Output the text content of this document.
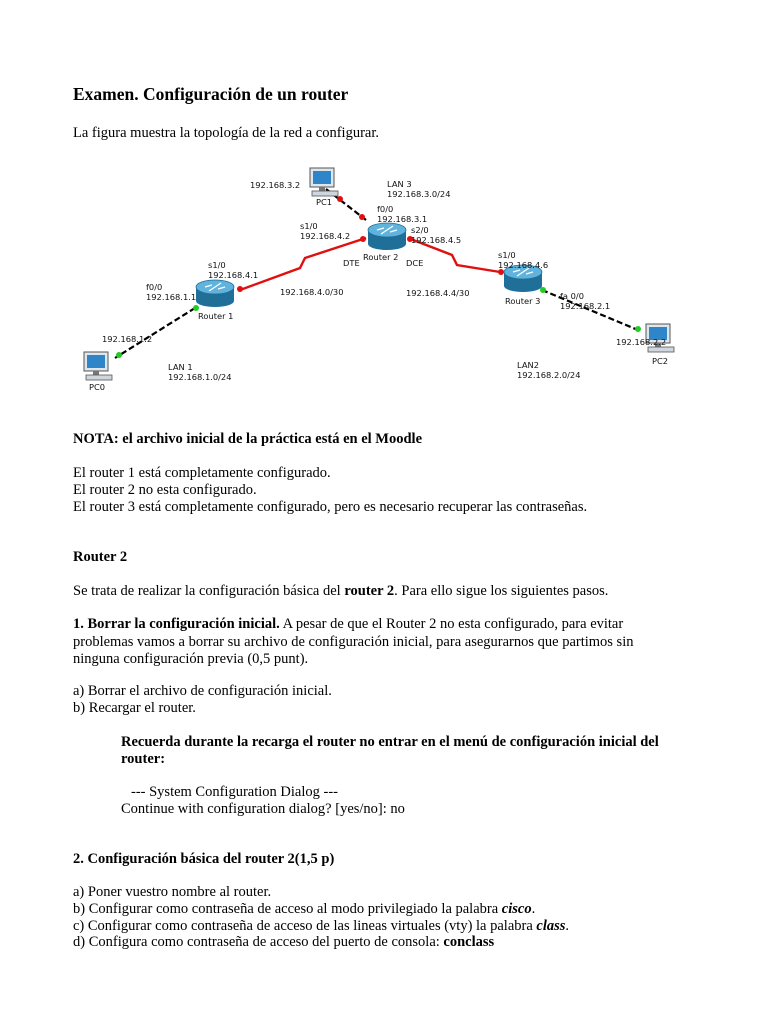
Examen. Configuración de un router
La figura muestra la topología de la red a configurar.
192.168.3.2
PC1
LAN 3
192.168.3.0/24
f0/0
192.168.3.1
s1/0
192.168.4.2
s2/0
192.168.4.5
Router 2
DTE	DCE
s1/0
192.168.4.1
f0/0
192.168.1.1
Router 1
192.168.4.0/30	192.168.4.4/30
s1/0
192.168.4.6
Router 3 fa 0/0
192.168.2.1
192.168.1.2
PC0
LAN 1
192.168.1.0/24
LAN2
192.168.2.0/24
192.168.2.2
PC2
NOTA: el archivo inicial de la práctica está en el Moodle
El router 1 está completamente configurado.
El router 2 no esta configurado.
El router 3 está completamente configurado, pero es necesario recuperar las contraseñas.
Router 2
Se trata de realizar la configuración básica del router 2. Para ello sigue los siguientes pasos.
1. Borrar la configuración inicial. A pesar de que el Router 2 no esta configurado, para evitar problemas vamos a borrar su archivo de configuración inicial, para asegurarnos que partimos sin ninguna configuración previa (0,5 punt).
a) Borrar el archivo de configuración inicial.
b) Recargar el router.
Recuerda durante la recarga el router no entrar en el menú de configuración inicial del router:
--- System Configuration Dialog ---
Continue with configuration dialog? [yes/no]: no
2. Configuración básica del router 2(1,5 p)
a) Poner vuestro nombre al router.
b) Configurar como contraseña de acceso al modo privilegiado la palabra cisco.
c) Configurar como contraseña de acceso de las lineas virtuales (vty) la palabra class.
d) Configura como contraseña de acceso del puerto de consola: conclass
